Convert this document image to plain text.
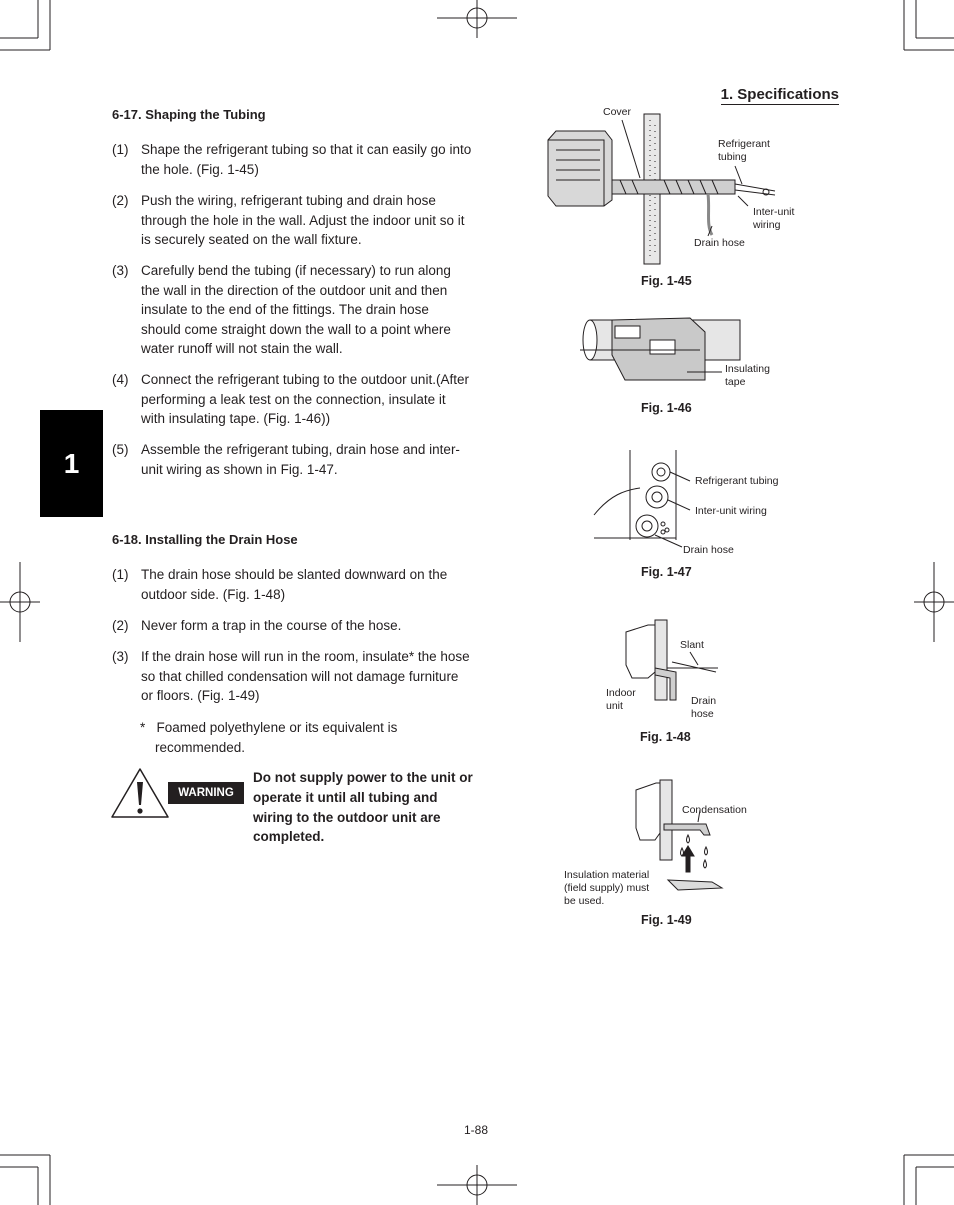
1. Specifications
1
6-17. Shaping the Tubing
(1) Shape the refrigerant tubing so that it can easily go into the hole. (Fig. 1-45)
(2) Push the wiring, refrigerant tubing and drain hose through the hole in the wall. Adjust the indoor unit so it is securely seated on the wall fixture.
(3) Carefully bend the tubing (if necessary) to run along the wall in the direction of the outdoor unit and then insulate to the end of the fittings. The drain hose should come straight down the wall to a point where water runoff will not stain the wall.
(4) Connect the refrigerant tubing to the outdoor unit.(After performing a leak test on the connection, insulate it with insulating tape. (Fig. 1-46))
(5) Assemble the refrigerant tubing, drain hose and inter-unit wiring as shown in Fig. 1-47.
6-18. Installing the Drain Hose
(1) The drain hose should be slanted downward on the outdoor side. (Fig. 1-48)
(2) Never form a trap in the course of the hose.
(3) If the drain hose will run in the room, insulate* the hose so that chilled condensation will not damage furniture or floors. (Fig. 1-49)
*   Foamed polyethylene or its equivalent is recommended.
WARNING
Do not supply power to the unit or operate it until all tubing and wiring to the outdoor unit are completed.
Cover
Refrigerant tubing
Inter-unit wiring
Drain hose
Fig. 1-45
Insulating tape
Fig. 1-46
Refrigerant tubing
Inter-unit wiring
Drain hose
Fig. 1-47
Slant
Indoor unit	Drain hose
Fig. 1-48
Condensation
Insulation material (field supply) must be used.
Fig. 1-49
1-88
